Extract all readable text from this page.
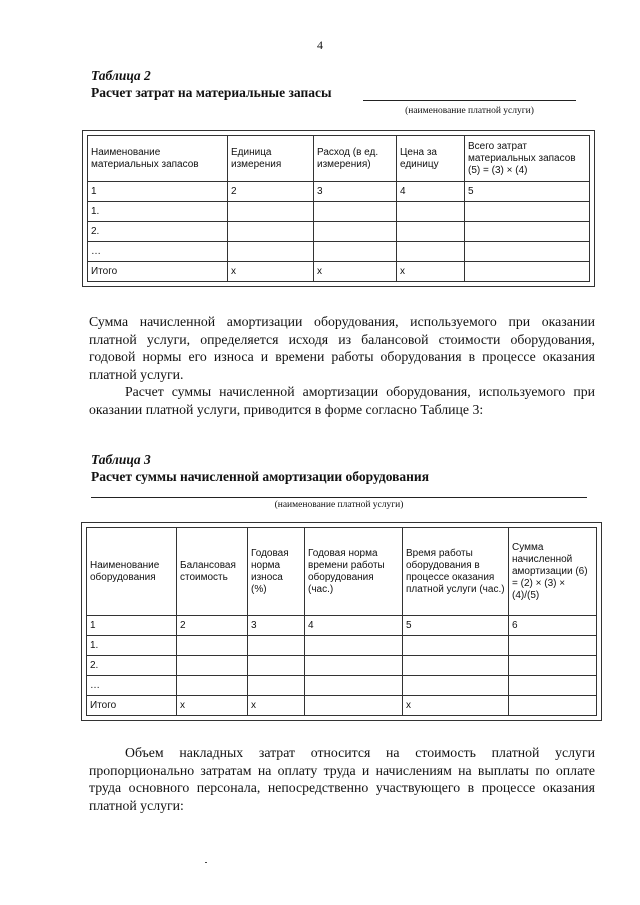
4
Таблица 2
Расчет затрат на материальные запасы
(наименование платной услуги)
Наименование материальных запасов	Единица измерения	Расход (в ед. измерения)	Цена за единицу	Всего затрат материальных запасов (5) = (3) × (4)
1	2	3	4	5
1.				
2.				
…				
Итого	х	х	х	

Сумма начисленной амортизации оборудования, используемого при оказании платной услуги, определяется исходя из балансовой стоимости оборудования, годовой нормы его износа и времени работы оборудования в процессе оказания платной услуги.

Расчет суммы начисленной амортизации оборудования, используемого при оказании платной услуги, приводится в форме согласно Таблице 3:

Таблица 3
Расчет суммы начисленной амортизации оборудования
(наименование платной услуги)
Наименование оборудования	Балансовая стоимость	Годовая норма износа (%)	Годовая норма времени работы оборудования (час.)	Время работы оборудования в процессе оказания платной услуги (час.)	Сумма начисленной амортизации (6) = (2) × (3) × (4)/(5)
1	2	3	4	5	6
1.					
2.					
…					
Итого	х	х		х	

Объем накладных затрат относится на стоимость платной услуги пропорционально затратам на оплату труда и начислениям на выплаты по оплате труда основного персонала, непосредственно участвующего в процессе оказания платной услуги:
